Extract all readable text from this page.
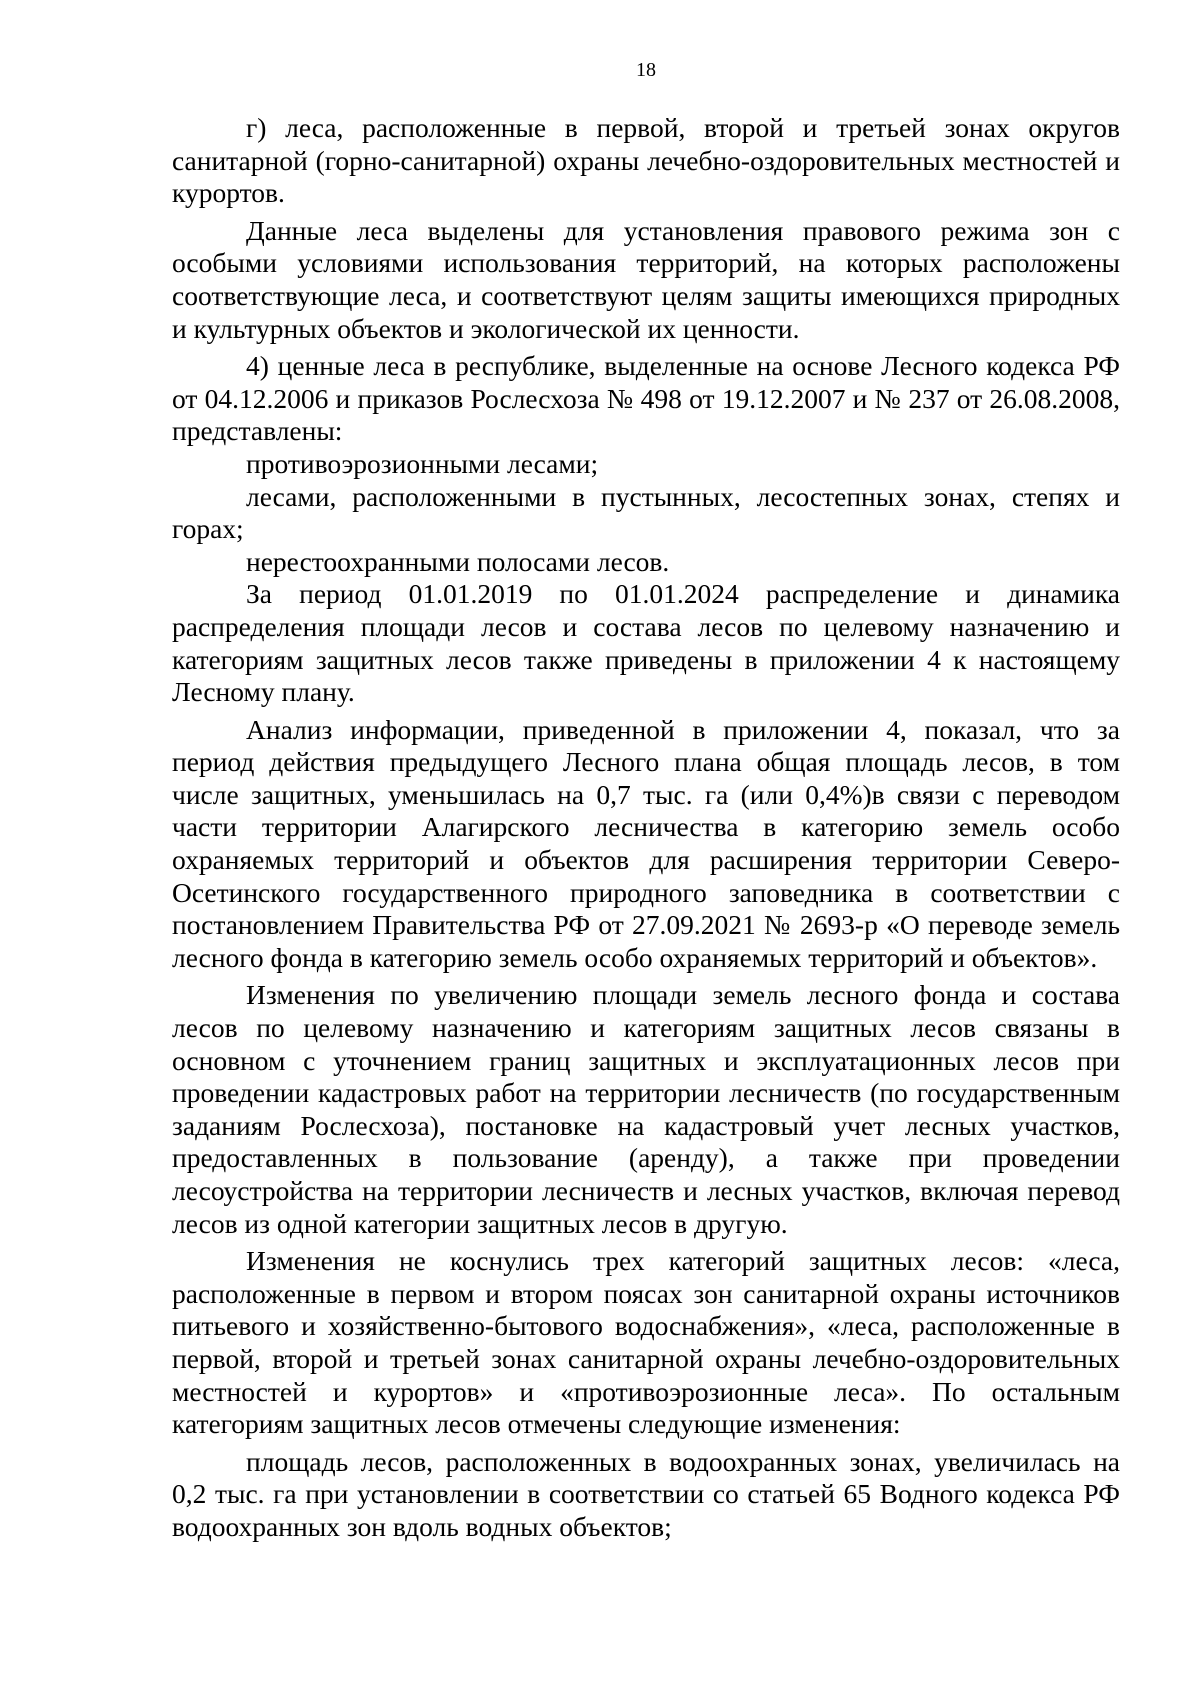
18

г) леса, расположенные в первой, второй и третьей зонах округов санитарной (горно-санитарной) охраны лечебно-оздоровительных местностей и курортов.

Данные леса выделены для установления правового режима зон с особыми условиями использования территорий, на которых расположены соответствующие леса, и соответствуют целям защиты имеющихся природных и культурных объектов и экологической их ценности.

4) ценные леса в республике, выделенные на основе Лесного кодекса РФ от 04.12.2006 и приказов Рослесхоза № 498 от 19.12.2007 и № 237 от 26.08.2008, представлены:

противоэрозионными лесами;

лесами, расположенными в пустынных, лесостепных зонах, степях и горах;

нерестоохранными полосами лесов.

За период 01.01.2019 по 01.01.2024 распределение и динамика распределения площади лесов и состава лесов по целевому назначению и категориям защитных лесов также приведены в приложении 4 к настоящему Лесному плану.

Анализ информации, приведенной в приложении 4, показал, что за период действия предыдущего Лесного плана общая площадь лесов, в том числе защитных, уменьшилась на 0,7 тыс. га (или 0,4%)в связи с переводом части территории Алагирского лесничества в категорию земель особо охраняемых территорий и объектов для расширения территории Северо-Осетинского государственного природного заповедника в соответствии с постановлением Правительства РФ от 27.09.2021 № 2693-р «О переводе земель лесного фонда в категорию земель особо охраняемых территорий и объектов».

Изменения по увеличению площади земель лесного фонда и состава лесов по целевому назначению и категориям защитных лесов связаны в основном с уточнением границ защитных и эксплуатационных лесов при проведении кадастровых работ на территории лесничеств (по государственным заданиям Рослесхоза), постановке на кадастровый учет лесных участков, предоставленных в пользование (аренду), а также при проведении лесоустройства на территории лесничеств и лесных участков, включая перевод лесов из одной категории защитных лесов в другую.

Изменения не коснулись трех категорий защитных лесов: «леса, расположенные в первом и втором поясах зон санитарной охраны источников питьевого и хозяйственно-бытового водоснабжения», «леса, расположенные в первой, второй и третьей зонах санитарной охраны лечебно-оздоровительных местностей и курортов» и «противоэрозионные леса». По остальным категориям защитных лесов отмечены следующие изменения:

площадь лесов, расположенных в водоохранных зонах, увеличилась на 0,2 тыс. га при установлении в соответствии со статьей 65 Водного кодекса РФ водоохранных зон вдоль водных объектов;
